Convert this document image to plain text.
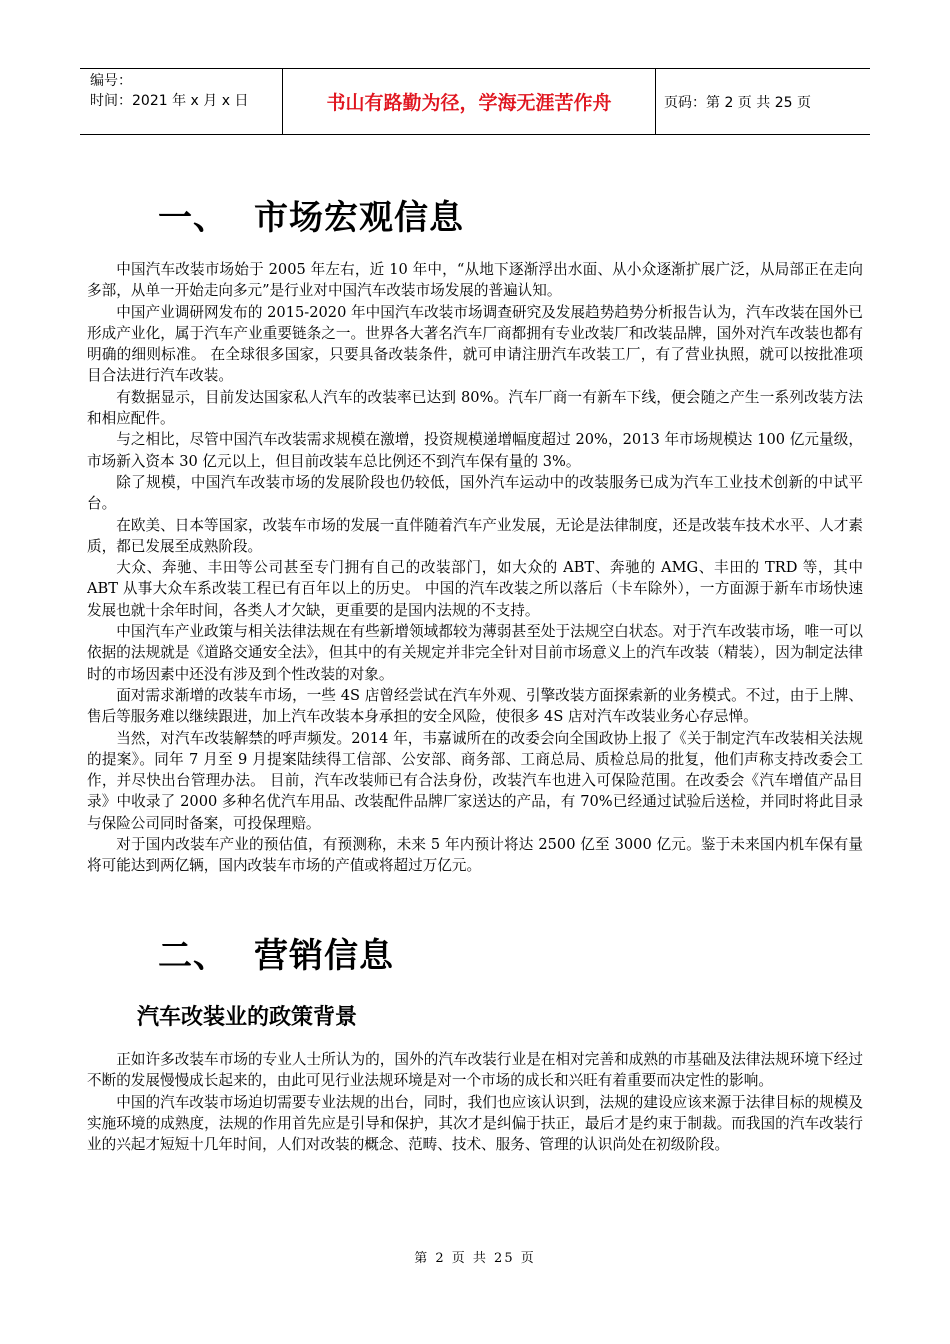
编号：
时间：2021 年 x 月 x 日	书山有路勤为径，学海无涯苦作舟	页码：第 2 页 共 25 页
一、 市场宏观信息

中国汽车改装市场始于 2005 年左右，近 10 年中，“从地下逐渐浮出水面、从小众逐渐扩展广泛，从局部正在走向多部，从单一开始走向多元”是行业对中国汽车改装市场发展的普遍认知。

中国产业调研网发布的 2015-2020 年中国汽车改装市场调查研究及发展趋势趋势分析报告认为，汽车改装在国外已形成产业化，属于汽车产业重要链条之一。世界各大著名汽车厂商都拥有专业改装厂和改装品牌，国外对汽车改装也都有明确的细则标准。 在全球很多国家，只要具备改装条件，就可申请注册汽车改装工厂，有了营业执照，就可以按批准项目合法进行汽车改装。

有数据显示，目前发达国家私人汽车的改装率已达到 80%。汽车厂商一有新车下线，便会随之产生一系列改装方法和相应配件。

与之相比，尽管中国汽车改装需求规模在激增，投资规模递增幅度超过 20%，2013 年市场规模达 100 亿元量级，市场新入资本 30 亿元以上，但目前改装车总比例还不到汽车保有量的 3%。

除了规模，中国汽车改装市场的发展阶段也仍较低，国外汽车运动中的改装服务已成为汽车工业技术创新的中试平台。

在欧美、日本等国家，改装车市场的发展一直伴随着汽车产业发展，无论是法律制度，还是改装车技术水平、人才素质，都已发展至成熟阶段。

大众、奔驰、丰田等公司甚至专门拥有自己的改装部门，如大众的 ABT、奔驰的 AMG、丰田的 TRD 等，其中 ABT 从事大众车系改装工程已有百年以上的历史。 中国的汽车改装之所以落后（卡车除外），一方面源于新车市场快速发展也就十余年时间，各类人才欠缺，更重要的是国内法规的不支持。

中国汽车产业政策与相关法律法规在有些新增领域都较为薄弱甚至处于法规空白状态。对于汽车改装市场，唯一可以依据的法规就是《道路交通安全法》，但其中的有关规定并非完全针对目前市场意义上的汽车改装（精装），因为制定法律时的市场因素中还没有涉及到个性改装的对象。

面对需求渐增的改装车市场，一些 4S 店曾经尝试在汽车外观、引擎改装方面探索新的业务模式。不过，由于上牌、售后等服务难以继续跟进，加上汽车改装本身承担的安全风险，使很多 4S 店对汽车改装业务心存忌惮。

当然，对汽车改装解禁的呼声频发。2014 年，韦嘉诚所在的改委会向全国政协上报了《关于制定汽车改装相关法规的提案》。同年 7 月至 9 月提案陆续得工信部、公安部、商务部、工商总局、质检总局的批复，他们声称支持改委会工作，并尽快出台管理办法。 目前，汽车改装师已有合法身份，改装汽车也进入可保险范围。在改委会《汽车增值产品目录》中收录了 2000 多种名优汽车用品、改装配件品牌厂家送达的产品，有 70%已经通过试验后送检，并同时将此目录与保险公司同时备案，可投保理赔。

对于国内改装车产业的预估值，有预测称，未来 5 年内预计将达 2500 亿至 3000 亿元。鉴于未来国内机车保有量将可能达到两亿辆，国内改装车市场的产值或将超过万亿元。

二、 营销信息
汽车改装业的政策背景

正如许多改装车市场的专业人士所认为的，国外的汽车改装行业是在相对完善和成熟的市基础及法律法规环境下经过不断的发展慢慢成长起来的，由此可见行业法规环境是对一个市场的成长和兴旺有着重要而决定性的影响。

中国的汽车改装市场迫切需要专业法规的出台，同时，我们也应该认识到，法规的建设应该来源于法律目标的规模及实施环境的成熟度，法规的作用首先应是引导和保护，其次才是纠偏于扶正，最后才是约束于制裁。而我国的汽车改装行业的兴起才短短十几年时间，人们对改装的概念、范畴、技术、服务、管理的认识尚处在初级阶段。

第 2 页 共 25 页
